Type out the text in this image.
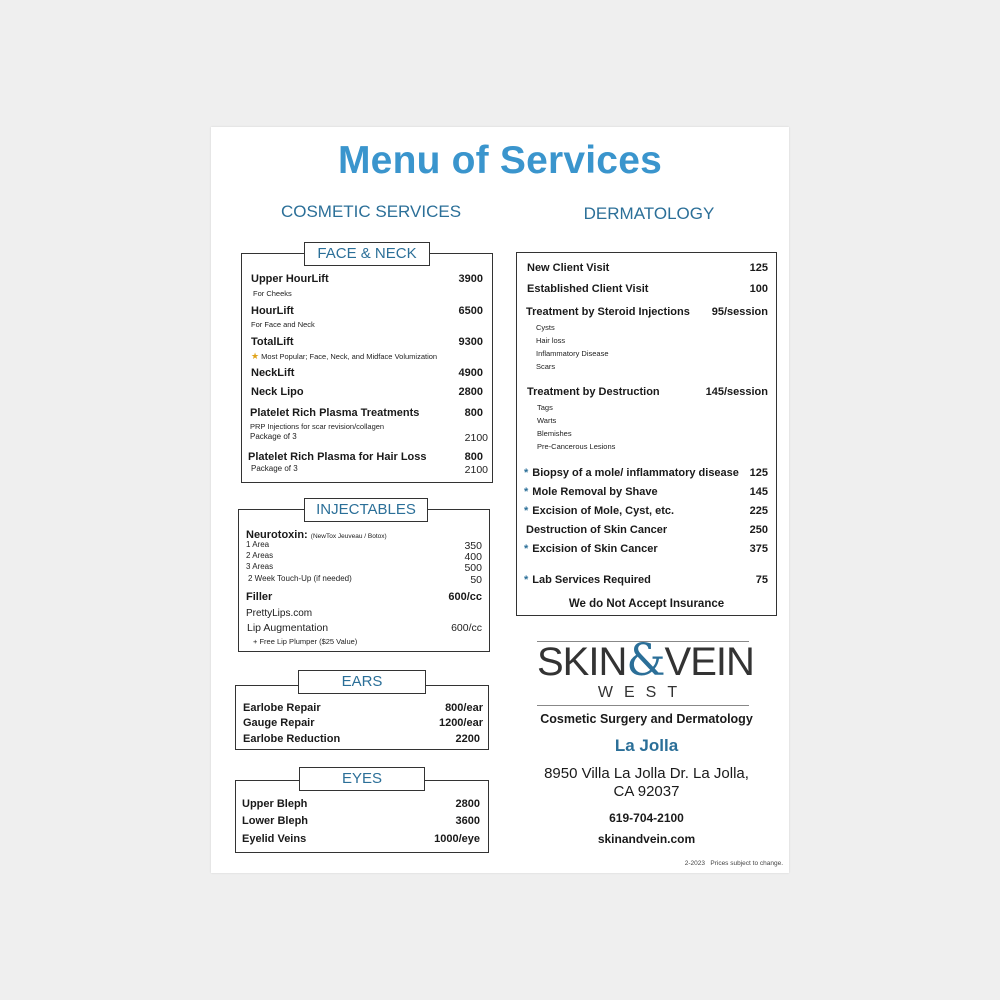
Menu of Services
COSMETIC SERVICES	DERMATOLOGY
FACE & NECK
Upper HourLift	3900
For Cheeks
HourLift	6500
For Face and Neck
TotalLift	9300
★ Most Popular; Face, Neck, and Midface Volumization
NeckLift	4900
Neck Lipo	2800
Platelet Rich Plasma Treatments	800
PRP Injections for scar revision/collagen
Package of 3	2100
Platelet Rich Plasma for Hair Loss	800
Package of 3	2100
INJECTABLES
Neurotoxin: (NewTox Jeuveau / Botox)
1 Area	350
2 Areas	400
3 Areas	500
2 Week Touch-Up (if needed)	50
Filler	600/cc
PrettyLips.com
Lip Augmentation	600/cc
+ Free Lip Plumper ($25 Value)
EARS
Earlobe Repair	800/ear
Gauge Repair	1200/ear
Earlobe Reduction	2200
EYES
Upper Bleph	2800
Lower Bleph	3600
Eyelid Veins	1000/eye
New Client Visit	125
Established Client Visit	100
Treatment by Steroid Injections 95/session
Cysts
Hair loss
Inflammatory Disease
Scars
Treatment by Destruction	145/session
Tags
Warts
Blemishes
Pre-Cancerous Lesions
* Biopsy of a mole/ inflammatory disease 125
* Mole Removal by Shave	145
* Excision of Mole, Cyst, etc.	225
Destruction of Skin Cancer	250
* Excision of Skin Cancer	375
* Lab Services Required	75
We do Not Accept Insurance
SKIN&VEIN
WEST
Cosmetic Surgery and Dermatology
La Jolla
8950 Villa La Jolla Dr. La Jolla,
CA 92037
619-704-2100
skinandvein.com
2-2023   Prices subject to change.
